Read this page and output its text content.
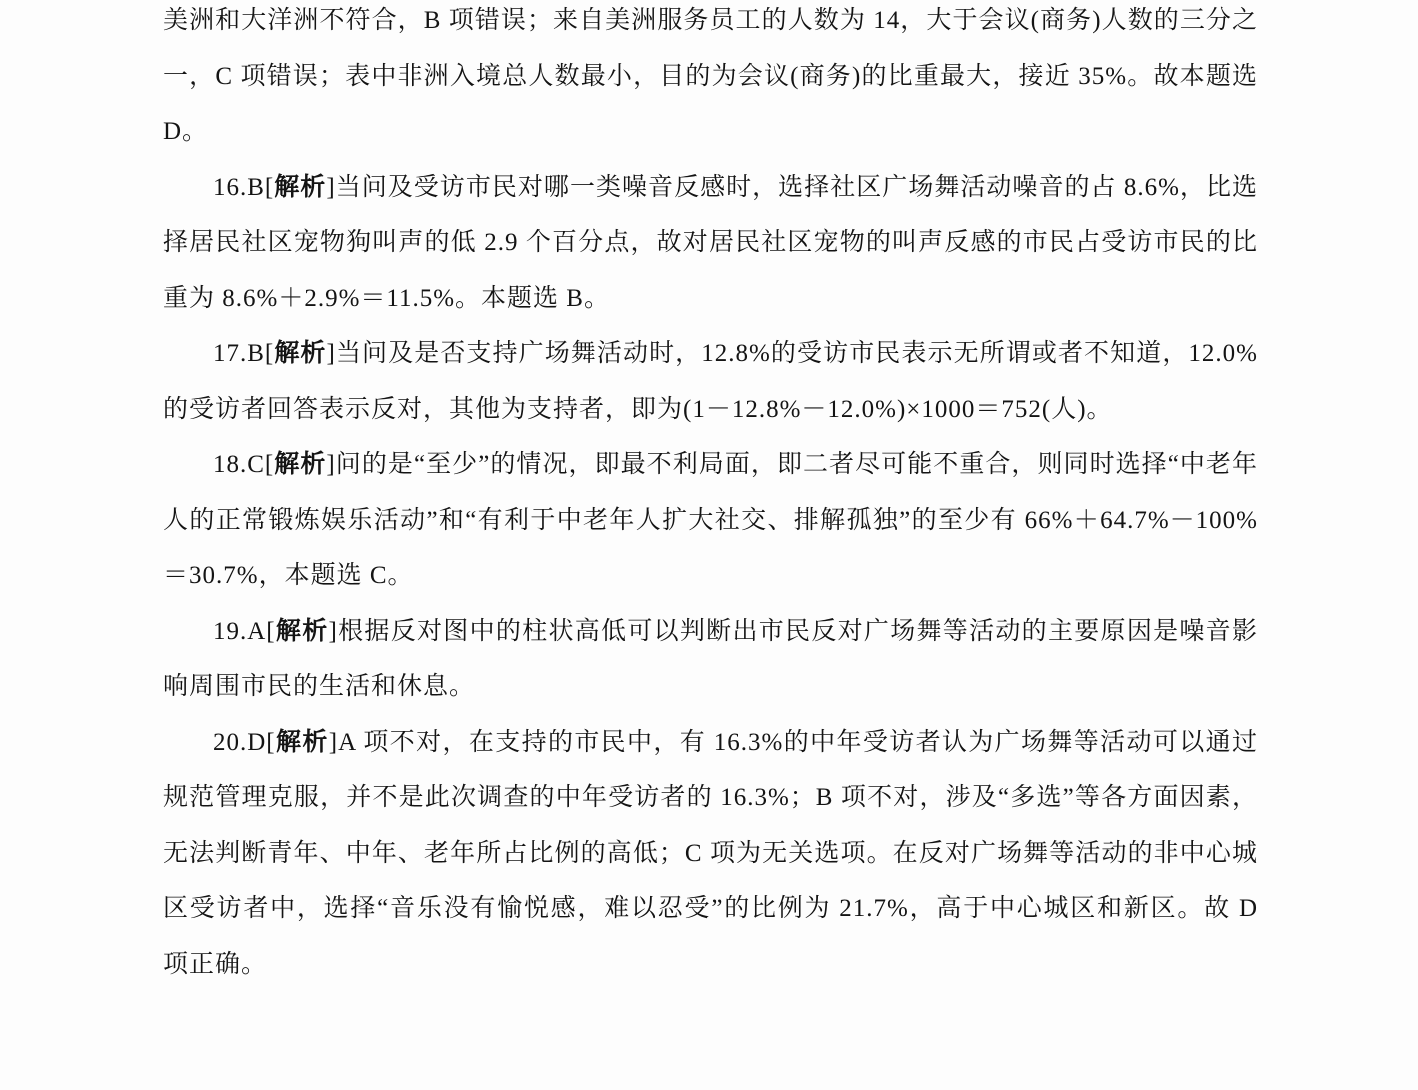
美洲和大洋洲不符合，B 项错误；来自美洲服务员工的人数为 14，大于会议(商务)人数的三分之一，C 项错误；表中非洲入境总人数最小，目的为会议(商务)的比重最大，接近 35%。故本题选 D。

16.B[解析]当问及受访市民对哪一类噪音反感时，选择社区广场舞活动噪音的占 8.6%，比选择居民社区宠物狗叫声的低 2.9 个百分点，故对居民社区宠物的叫声反感的市民占受访市民的比重为 8.6%＋2.9%＝11.5%。本题选 B。

17.B[解析]当问及是否支持广场舞活动时，12.8%的受访市民表示无所谓或者不知道，12.0%的受访者回答表示反对，其他为支持者，即为(1－12.8%－12.0%)×1000＝752(人)。

18.C[解析]问的是“至少”的情况，即最不利局面，即二者尽可能不重合，则同时选择“中老年人的正常锻炼娱乐活动”和“有利于中老年人扩大社交、排解孤独”的至少有 66%＋64.7%－100%＝30.7%，本题选 C。

19.A[解析]根据反对图中的柱状高低可以判断出市民反对广场舞等活动的主要原因是噪音影响周围市民的生活和休息。

20.D[解析]A 项不对，在支持的市民中，有 16.3%的中年受访者认为广场舞等活动可以通过规范管理克服，并不是此次调查的中年受访者的 16.3%；B 项不对，涉及“多选”等各方面因素，无法判断青年、中年、老年所占比例的高低；C 项为无关选项。在反对广场舞等活动的非中心城区受访者中，选择“音乐没有愉悦感，难以忍受”的比例为 21.7%，高于中心城区和新区。故 D 项正确。
